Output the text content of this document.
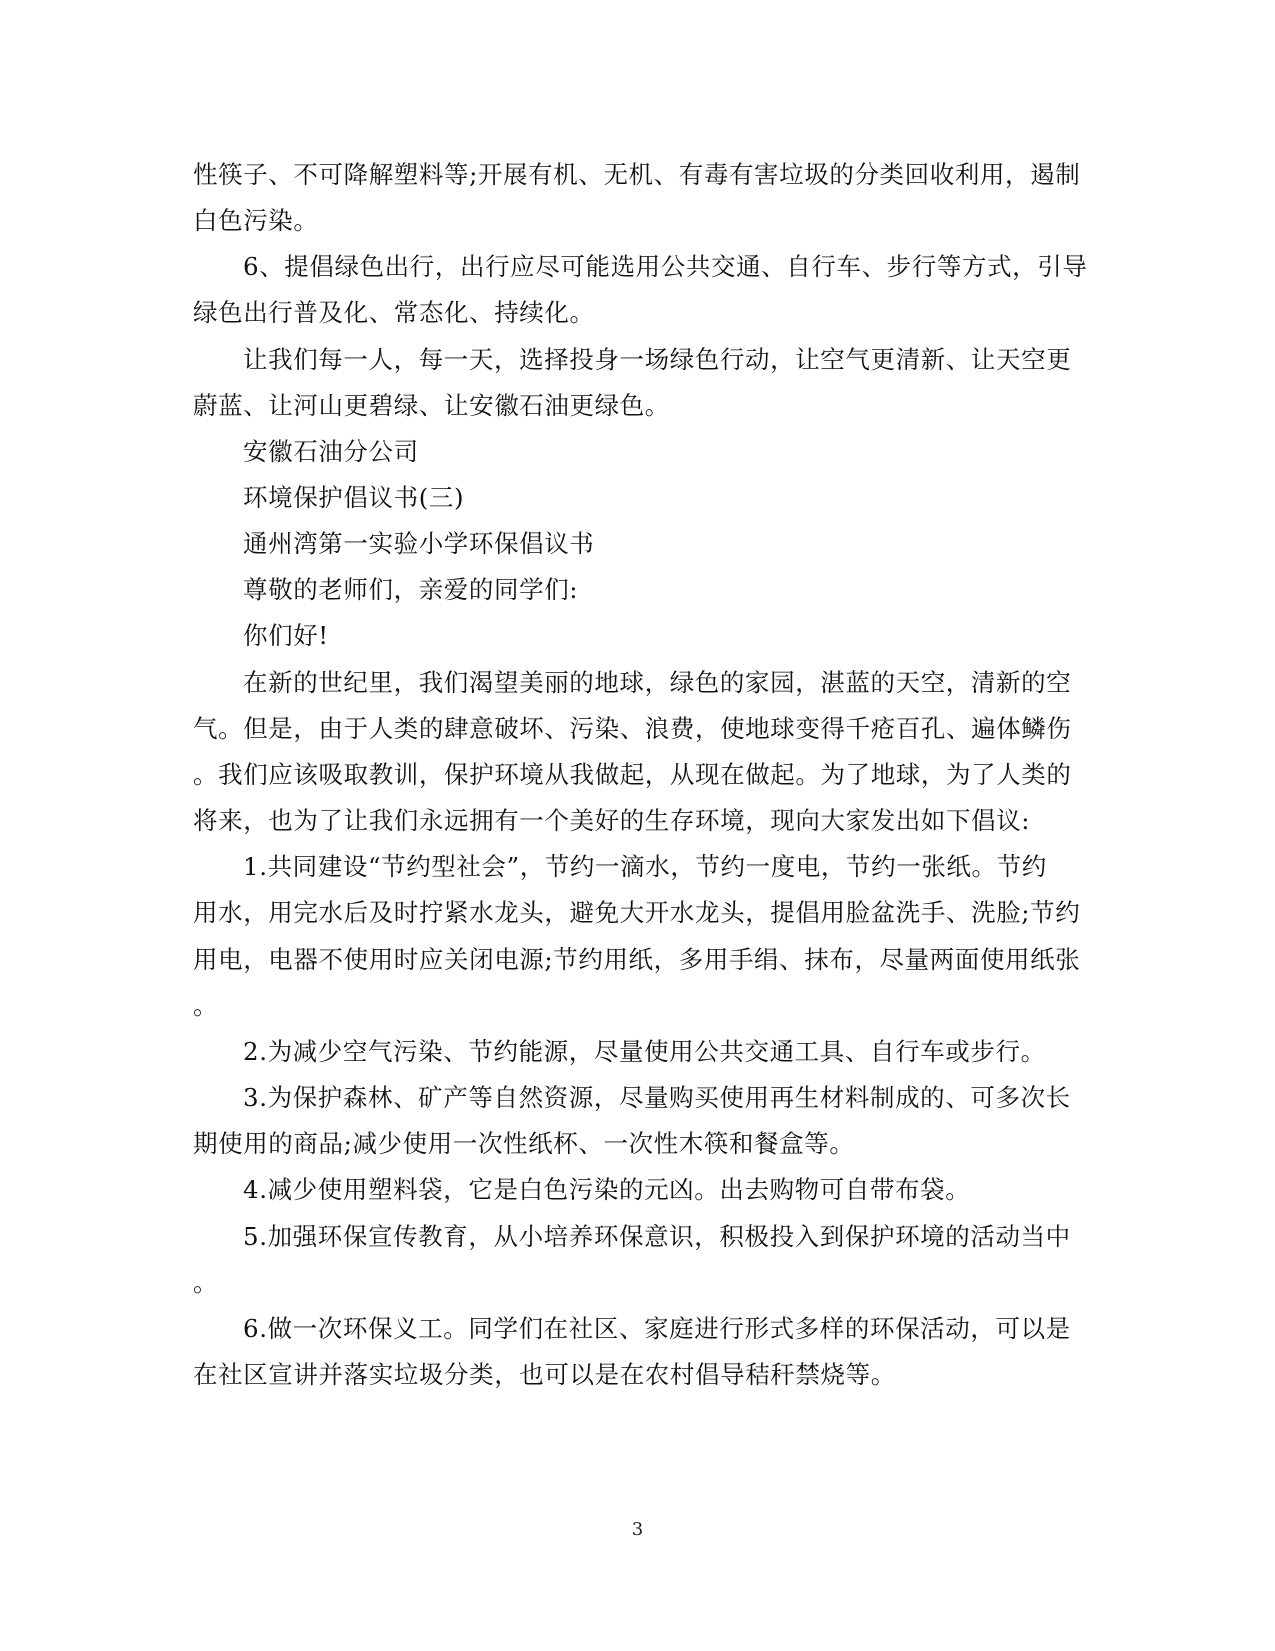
性筷子、不可降解塑料等;开展有机、无机、有毒有害垃圾的分类回收利用，遏制
白色污染。
6、提倡绿色出行，出行应尽可能选用公共交通、自行车、步行等方式，引导
绿色出行普及化、常态化、持续化。
让我们每一人，每一天，选择投身一场绿色行动，让空气更清新、让天空更
蔚蓝、让河山更碧绿、让安徽石油更绿色。
安徽石油分公司
环境保护倡议书(三)
通州湾第一实验小学环保倡议书
尊敬的老师们，亲爱的同学们:
你们好!
在新的世纪里，我们渴望美丽的地球，绿色的家园，湛蓝的天空，清新的空
气。但是，由于人类的肆意破坏、污染、浪费，使地球变得千疮百孔、遍体鳞伤
。我们应该吸取教训，保护环境从我做起，从现在做起。为了地球，为了人类的
将来，也为了让我们永远拥有一个美好的生存环境，现向大家发出如下倡议:
1.共同建设“节约型社会”，节约一滴水，节约一度电，节约一张纸。节约
用水，用完水后及时拧紧水龙头，避免大开水龙头，提倡用脸盆洗手、洗脸;节约
用电，电器不使用时应关闭电源;节约用纸，多用手绢、抹布，尽量两面使用纸张
。
2.为减少空气污染、节约能源，尽量使用公共交通工具、自行车或步行。
3.为保护森林、矿产等自然资源，尽量购买使用再生材料制成的、可多次长
期使用的商品;减少使用一次性纸杯、一次性木筷和餐盒等。
4.减少使用塑料袋，它是白色污染的元凶。出去购物可自带布袋。
5.加强环保宣传教育，从小培养环保意识，积极投入到保护环境的活动当中
。
6.做一次环保义工。同学们在社区、家庭进行形式多样的环保活动，可以是
在社区宣讲并落实垃圾分类，也可以是在农村倡导秸秆禁烧等。
3
